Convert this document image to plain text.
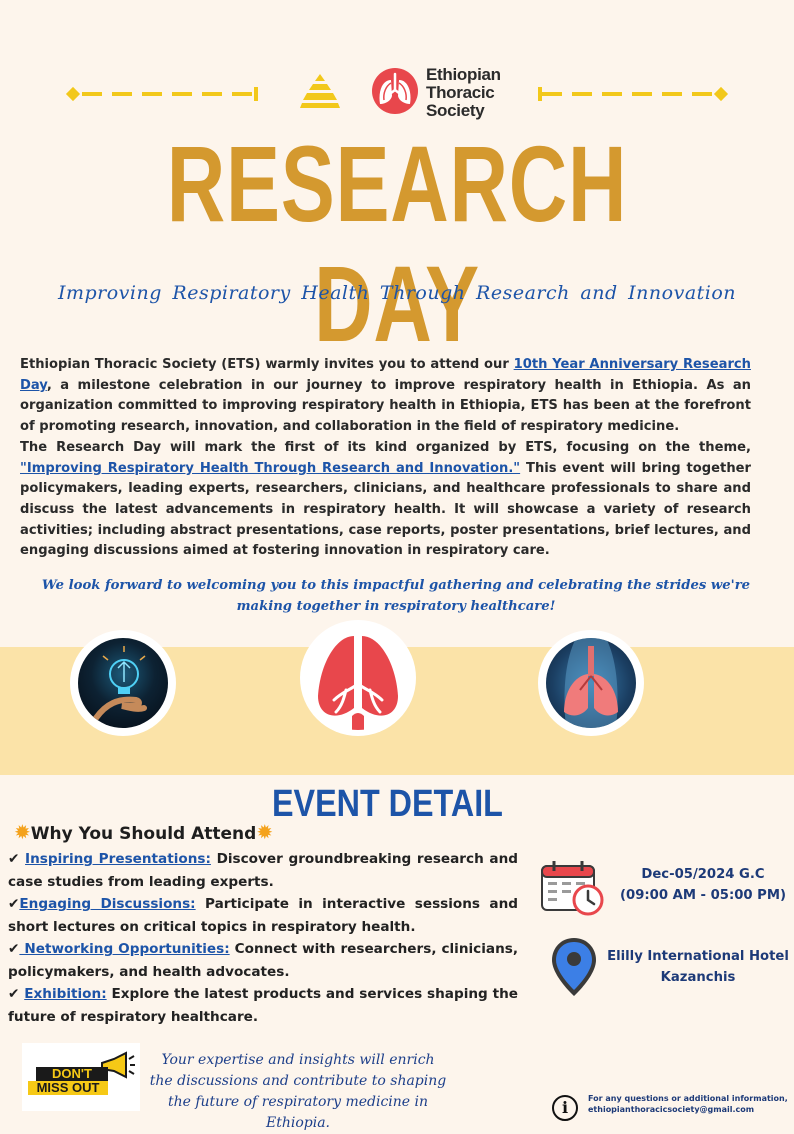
Ethiopian
Thoracic
Society
RESEARCH DAY
Improving Respiratory Health Through Research and Innovation

Ethiopian Thoracic Society (ETS) warmly invites you to attend our 10th Year Anniversary Research Day, a milestone celebration in our journey to improve respiratory health in Ethiopia. As an organization committed to improving respiratory health in Ethiopia, ETS has been at the forefront of promoting research, innovation, and collaboration in the field of respiratory medicine.

The Research Day will mark the first of its kind organized by ETS, focusing on the theme, "Improving Respiratory Health Through Research and Innovation." This event will bring together policymakers, leading experts, researchers, clinicians, and healthcare professionals to share and discuss the latest advancements in respiratory health. It will showcase a variety of research activities; including abstract presentations, case reports, poster presentations, brief lectures, and engaging discussions aimed at fostering innovation in respiratory care.

We look forward to welcoming you to this impactful gathering and celebrating the strides we're making together in respiratory healthcare!
EVENT DETAIL
✹Why You Should Attend✹

✔ Inspiring Presentations: Discover groundbreaking research and case studies from leading experts.

✔Engaging Discussions: Participate in interactive sessions and short lectures on critical topics in respiratory health.

✔ Networking Opportunities: Connect with researchers, clinicians, policymakers, and health advocates.

✔ Exhibition: Explore the latest products and services shaping the future of respiratory healthcare.

Dec-05/2024 G.C
(09:00 AM - 05:00 PM)
Elilly International Hotel
Kazanchis
DON'T
MISS OUT
Your expertise and insights will enrich the discussions and contribute to shaping the future of respiratory medicine in Ethiopia.
i	For any questions or additional information,
ethiopianthoracicsociety@gmail.com
